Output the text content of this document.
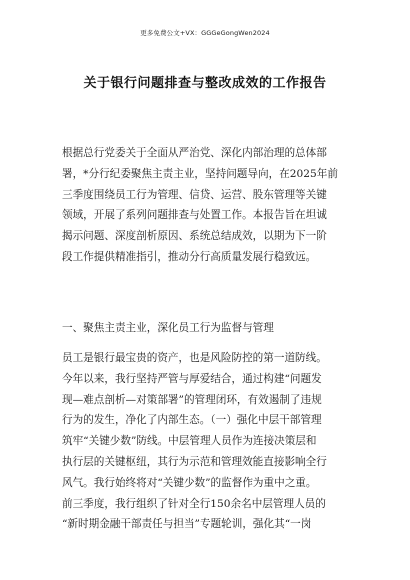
更多免费公文+VX：GGGeGongWen2024
关于银行问题排查与整改成效的工作报告
根据总行党委关于全面从严治党、深化内部治理的总体部
署，*分行纪委聚焦主责主业，坚持问题导向，在2025年前
三季度围绕员工行为管理、信贷、运营、股东管理等关键
领域，开展了系列问题排查与处置工作。本报告旨在坦诚
揭示问题、深度剖析原因、系统总结成效，以期为下一阶
段工作提供精准指引，推动分行高质量发展行稳致远。
一、聚焦主责主业，深化员工行为监督与管理
员工是银行最宝贵的资产，也是风险防控的第一道防线。
今年以来，我行坚持严管与厚爱结合，通过构建“问题发
现—难点剖析—对策部署”的管理闭环，有效遏制了违规
行为的发生，净化了内部生态。（一）强化中层干部管理
筑牢“关键少数”防线。中层管理人员作为连接决策层和
执行层的关键枢纽，其行为示范和管理效能直接影响全行
风气。我行始终将对“关键少数”的监督作为重中之重。
前三季度，我行组织了针对全行150余名中层管理人员的
“新时期金融干部责任与担当”专题轮训，强化其“一岗
